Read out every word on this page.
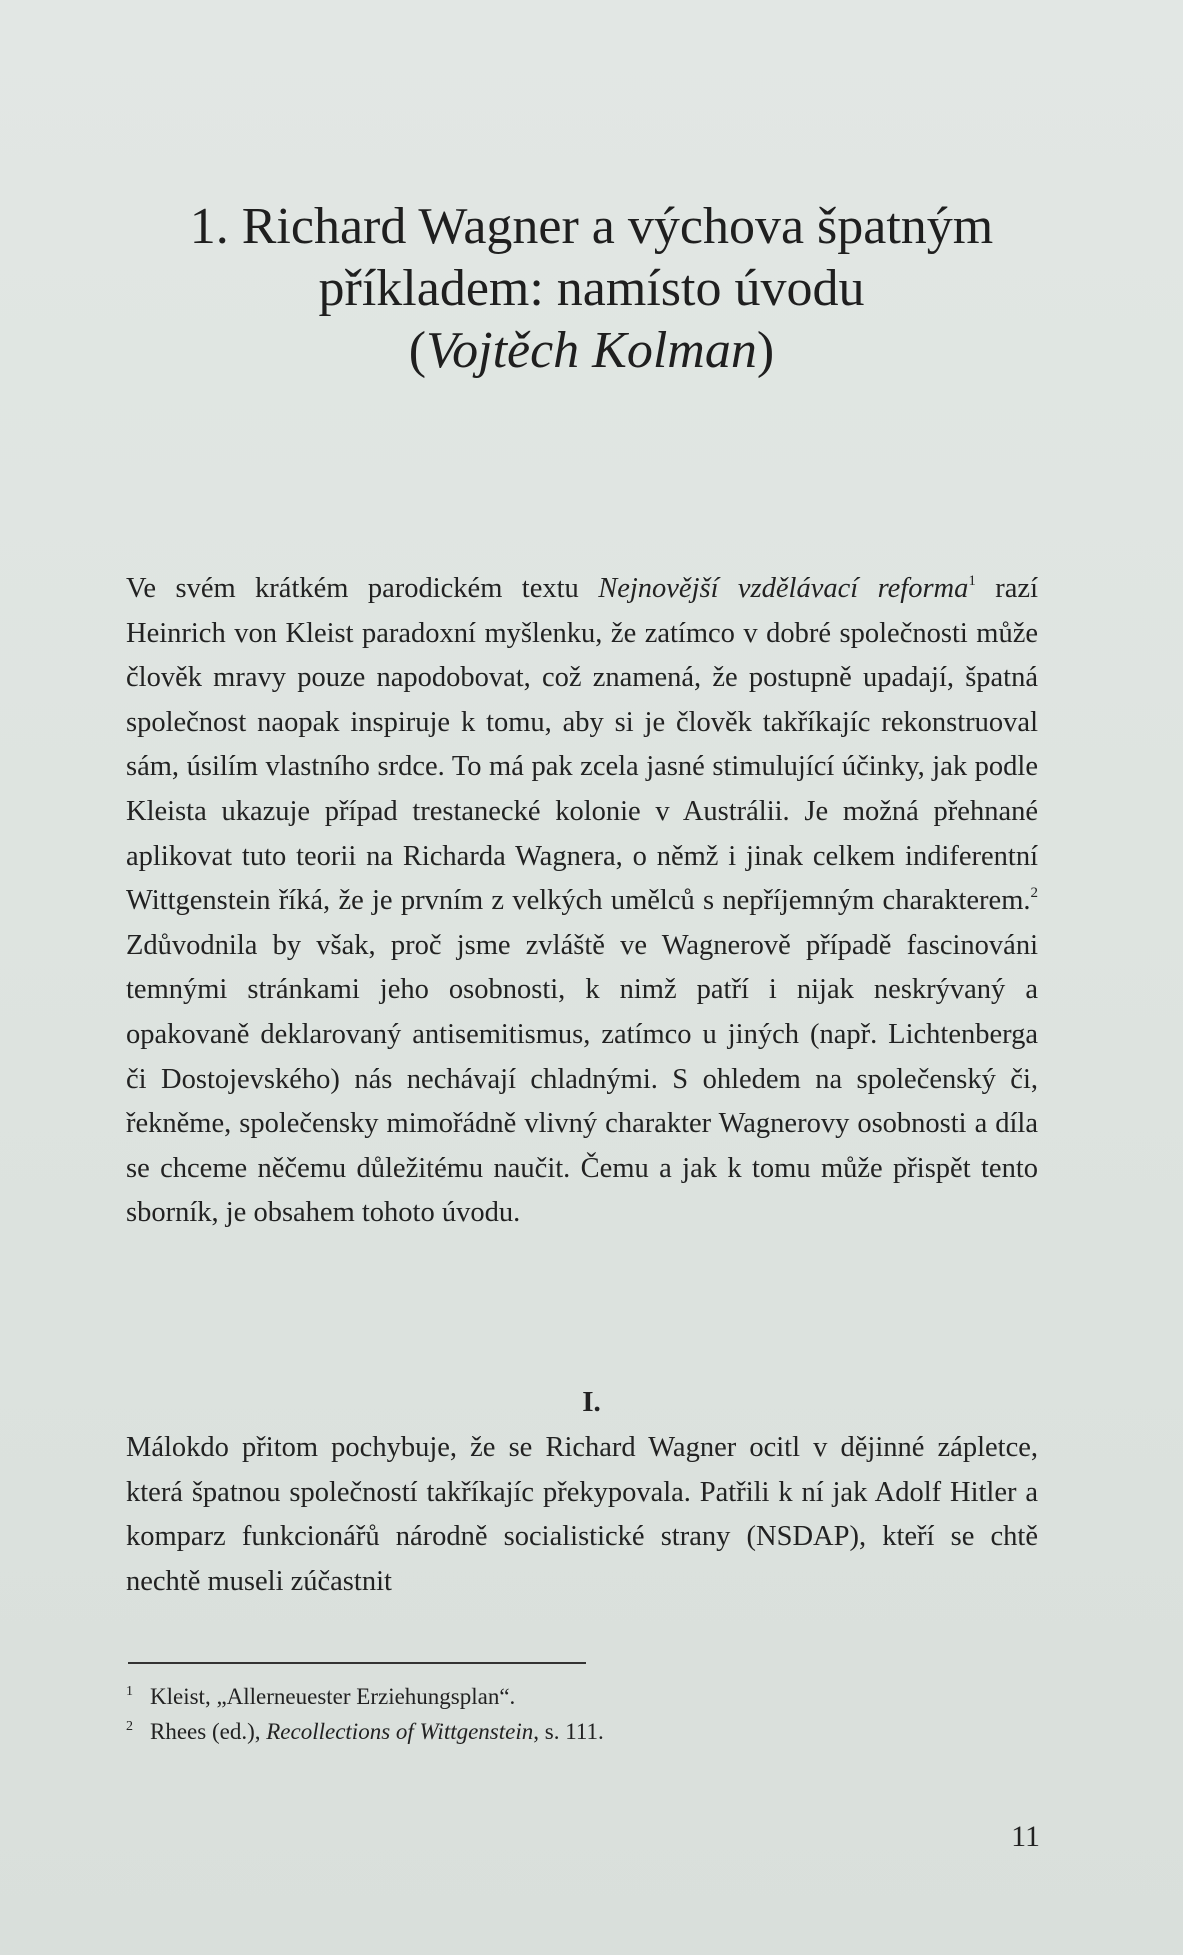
1. Richard Wagner a výchova špatným

příkladem: namísto úvodu

(Vojtěch Kolman)

Ve svém krátkém parodickém textu Nejnovější vzdělávací reforma$^1$ razí Heinrich von Kleist paradoxní myšlenku, že zatímco v dobré společnosti může člověk mravy pouze napodobovat, což znamená, že postupně upadají, špatná společnost naopak inspiruje k tomu, aby si je člověk takříkajíc rekonstruoval sám, úsilím vlastního srdce. To má pak zcela jasné stimulující účinky, jak podle Kleista ukazuje případ trestanecké kolonie v Austrálii. Je možná přehnané aplikovat tuto teorii na Richarda Wagnera, o němž i jinak celkem indiferentní Wittgenstein říká, že je prvním z velkých umělců s nepříjemným charakterem.$^2$ Zdůvodnila by však, proč jsme zvláště ve Wagnerově případě fascinováni temnými stránkami jeho osobnosti, k nimž patří i nijak neskrývaný a opakovaně deklarovaný antisemitismus, zatímco u jiných (např. Lichtenberga či Dostojevského) nás nechávají chladnými. S ohledem na společenský či, řekněme, společensky mimořádně vlivný charakter Wagnerovy osobnosti a díla se chceme něčemu důležitému naučit. Čemu a jak k tomu může přispět tento sborník, je obsahem tohoto úvodu.

I.

Málokdo přitom pochybuje, že se Richard Wagner ocitl v dějinné zápletce, která špatnou společností takříkajíc překypovala. Patřili k ní jak Adolf Hitler a komparz funkcionářů národně socialistické strany (NSDAP), kteří se chtě nechtě museli zúčastnit

1 Kleist, „Allerneuester Erziehungsplan“.
2 Rhees (ed.), Recollections of Wittgenstein, s. 111.
11
